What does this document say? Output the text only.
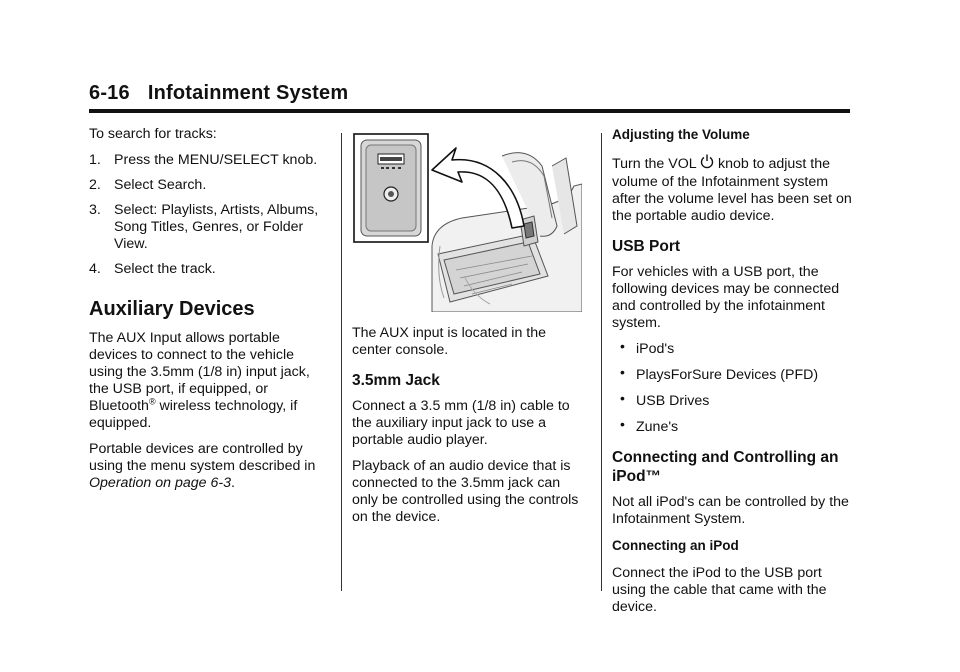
6-16 Infotainment System

To search for tracks:

1. Press the MENU/SELECT knob.
2. Select Search.
3. Select: Playlists, Artists, Albums, Song Titles, Genres, or Folder View.
4. Select the track.
Auxiliary Devices

The AUX Input allows portable devices to connect to the vehicle using the 3.5mm (1/8 in) input jack, the USB port, if equipped, or Bluetooth® wireless technology, if equipped.

Portable devices are controlled by using the menu system described in Operation on page 6-3.

The AUX input is located in the center console.

3.5mm Jack

Connect a 3.5 mm (1/8 in) cable to the auxiliary input jack to use a portable audio player.

Playback of an audio device that is connected to the 3.5mm jack can only be controlled using the controls on the device.

Adjusting the Volume

Turn the VOL  knob to adjust the volume of the Infotainment system after the volume level has been set on the portable audio device.

USB Port

For vehicles with a USB port, the following devices may be connected and controlled by the infotainment system.

• iPod's
• PlaysForSure Devices (PFD)
• USB Drives
• Zune's
Connecting and Controlling an iPod™

Not all iPod's can be controlled by the Infotainment System.

Connecting an iPod

Connect the iPod to the USB port using the cable that came with the device.
